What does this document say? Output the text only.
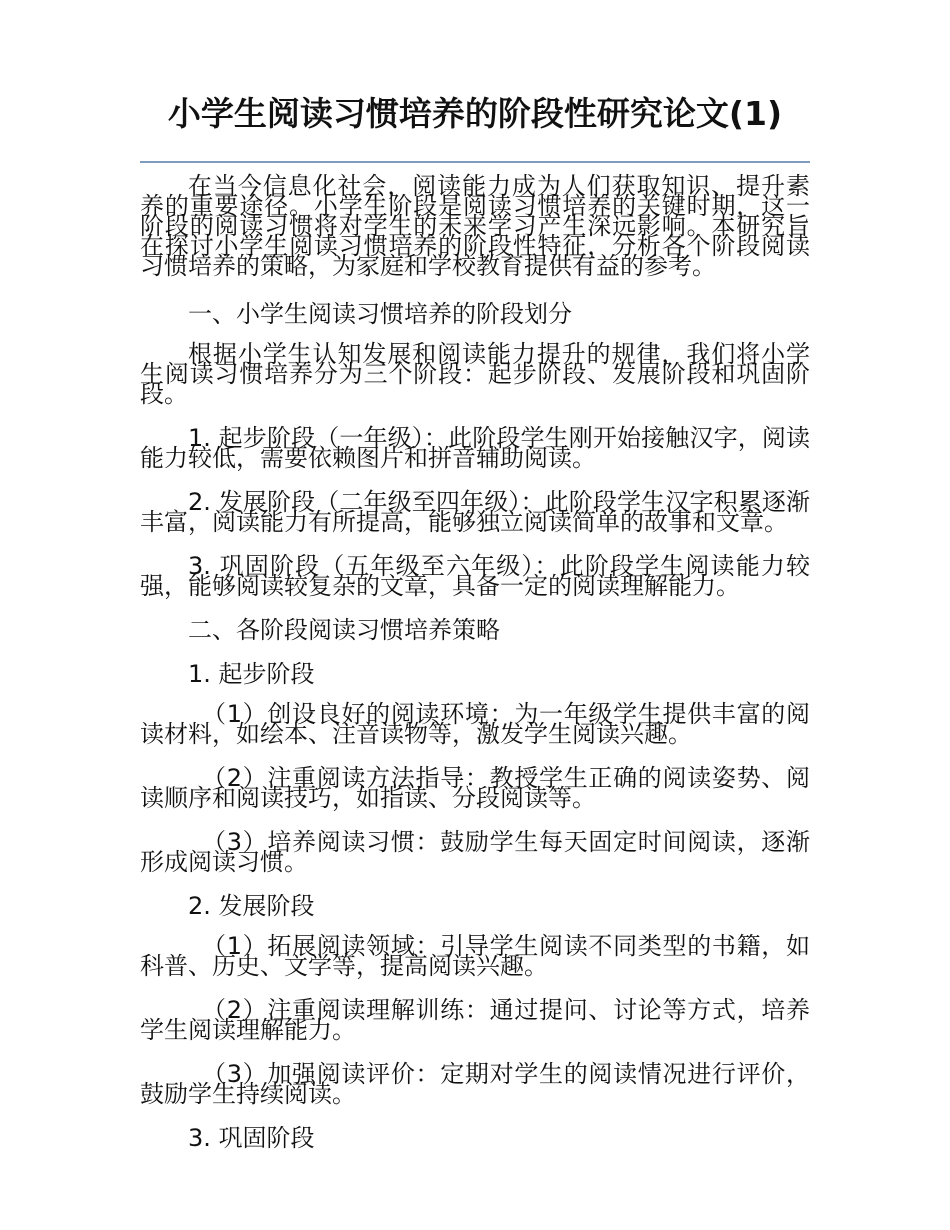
小学生阅读习惯培养的阶段性研究论文(1)

在当今信息化社会，阅读能力成为人们获取知识、提升素养的重要途径。小学生阶段是阅读习惯培养的关键时期，这一阶段的阅读习惯将对学生的未来学习产生深远影响。本研究旨在探讨小学生阅读习惯培养的阶段性特征，分析各个阶段阅读习惯培养的策略，为家庭和学校教育提供有益的参考。

一、小学生阅读习惯培养的阶段划分

根据小学生认知发展和阅读能力提升的规律，我们将小学生阅读习惯培养分为三个阶段：起步阶段、发展阶段和巩固阶段。

1. 起步阶段（一年级）：此阶段学生刚开始接触汉字，阅读能力较低，需要依赖图片和拼音辅助阅读。

2. 发展阶段（二年级至四年级）：此阶段学生汉字积累逐渐丰富，阅读能力有所提高，能够独立阅读简单的故事和文章。

3. 巩固阶段（五年级至六年级）：此阶段学生阅读能力较强，能够阅读较复杂的文章，具备一定的阅读理解能力。

二、各阶段阅读习惯培养策略
1. 起步阶段

（1）创设良好的阅读环境：为一年级学生提供丰富的阅读材料，如绘本、注音读物等，激发学生阅读兴趣。

（2）注重阅读方法指导：教授学生正确的阅读姿势、阅读顺序和阅读技巧，如指读、分段阅读等。

（3）培养阅读习惯：鼓励学生每天固定时间阅读，逐渐形成阅读习惯。

2. 发展阶段

（1）拓展阅读领域：引导学生阅读不同类型的书籍，如科普、历史、文学等，提高阅读兴趣。

（2）注重阅读理解训练：通过提问、讨论等方式，培养学生阅读理解能力。

（3）加强阅读评价：定期对学生的阅读情况进行评价，鼓励学生持续阅读。

3. 巩固阶段
